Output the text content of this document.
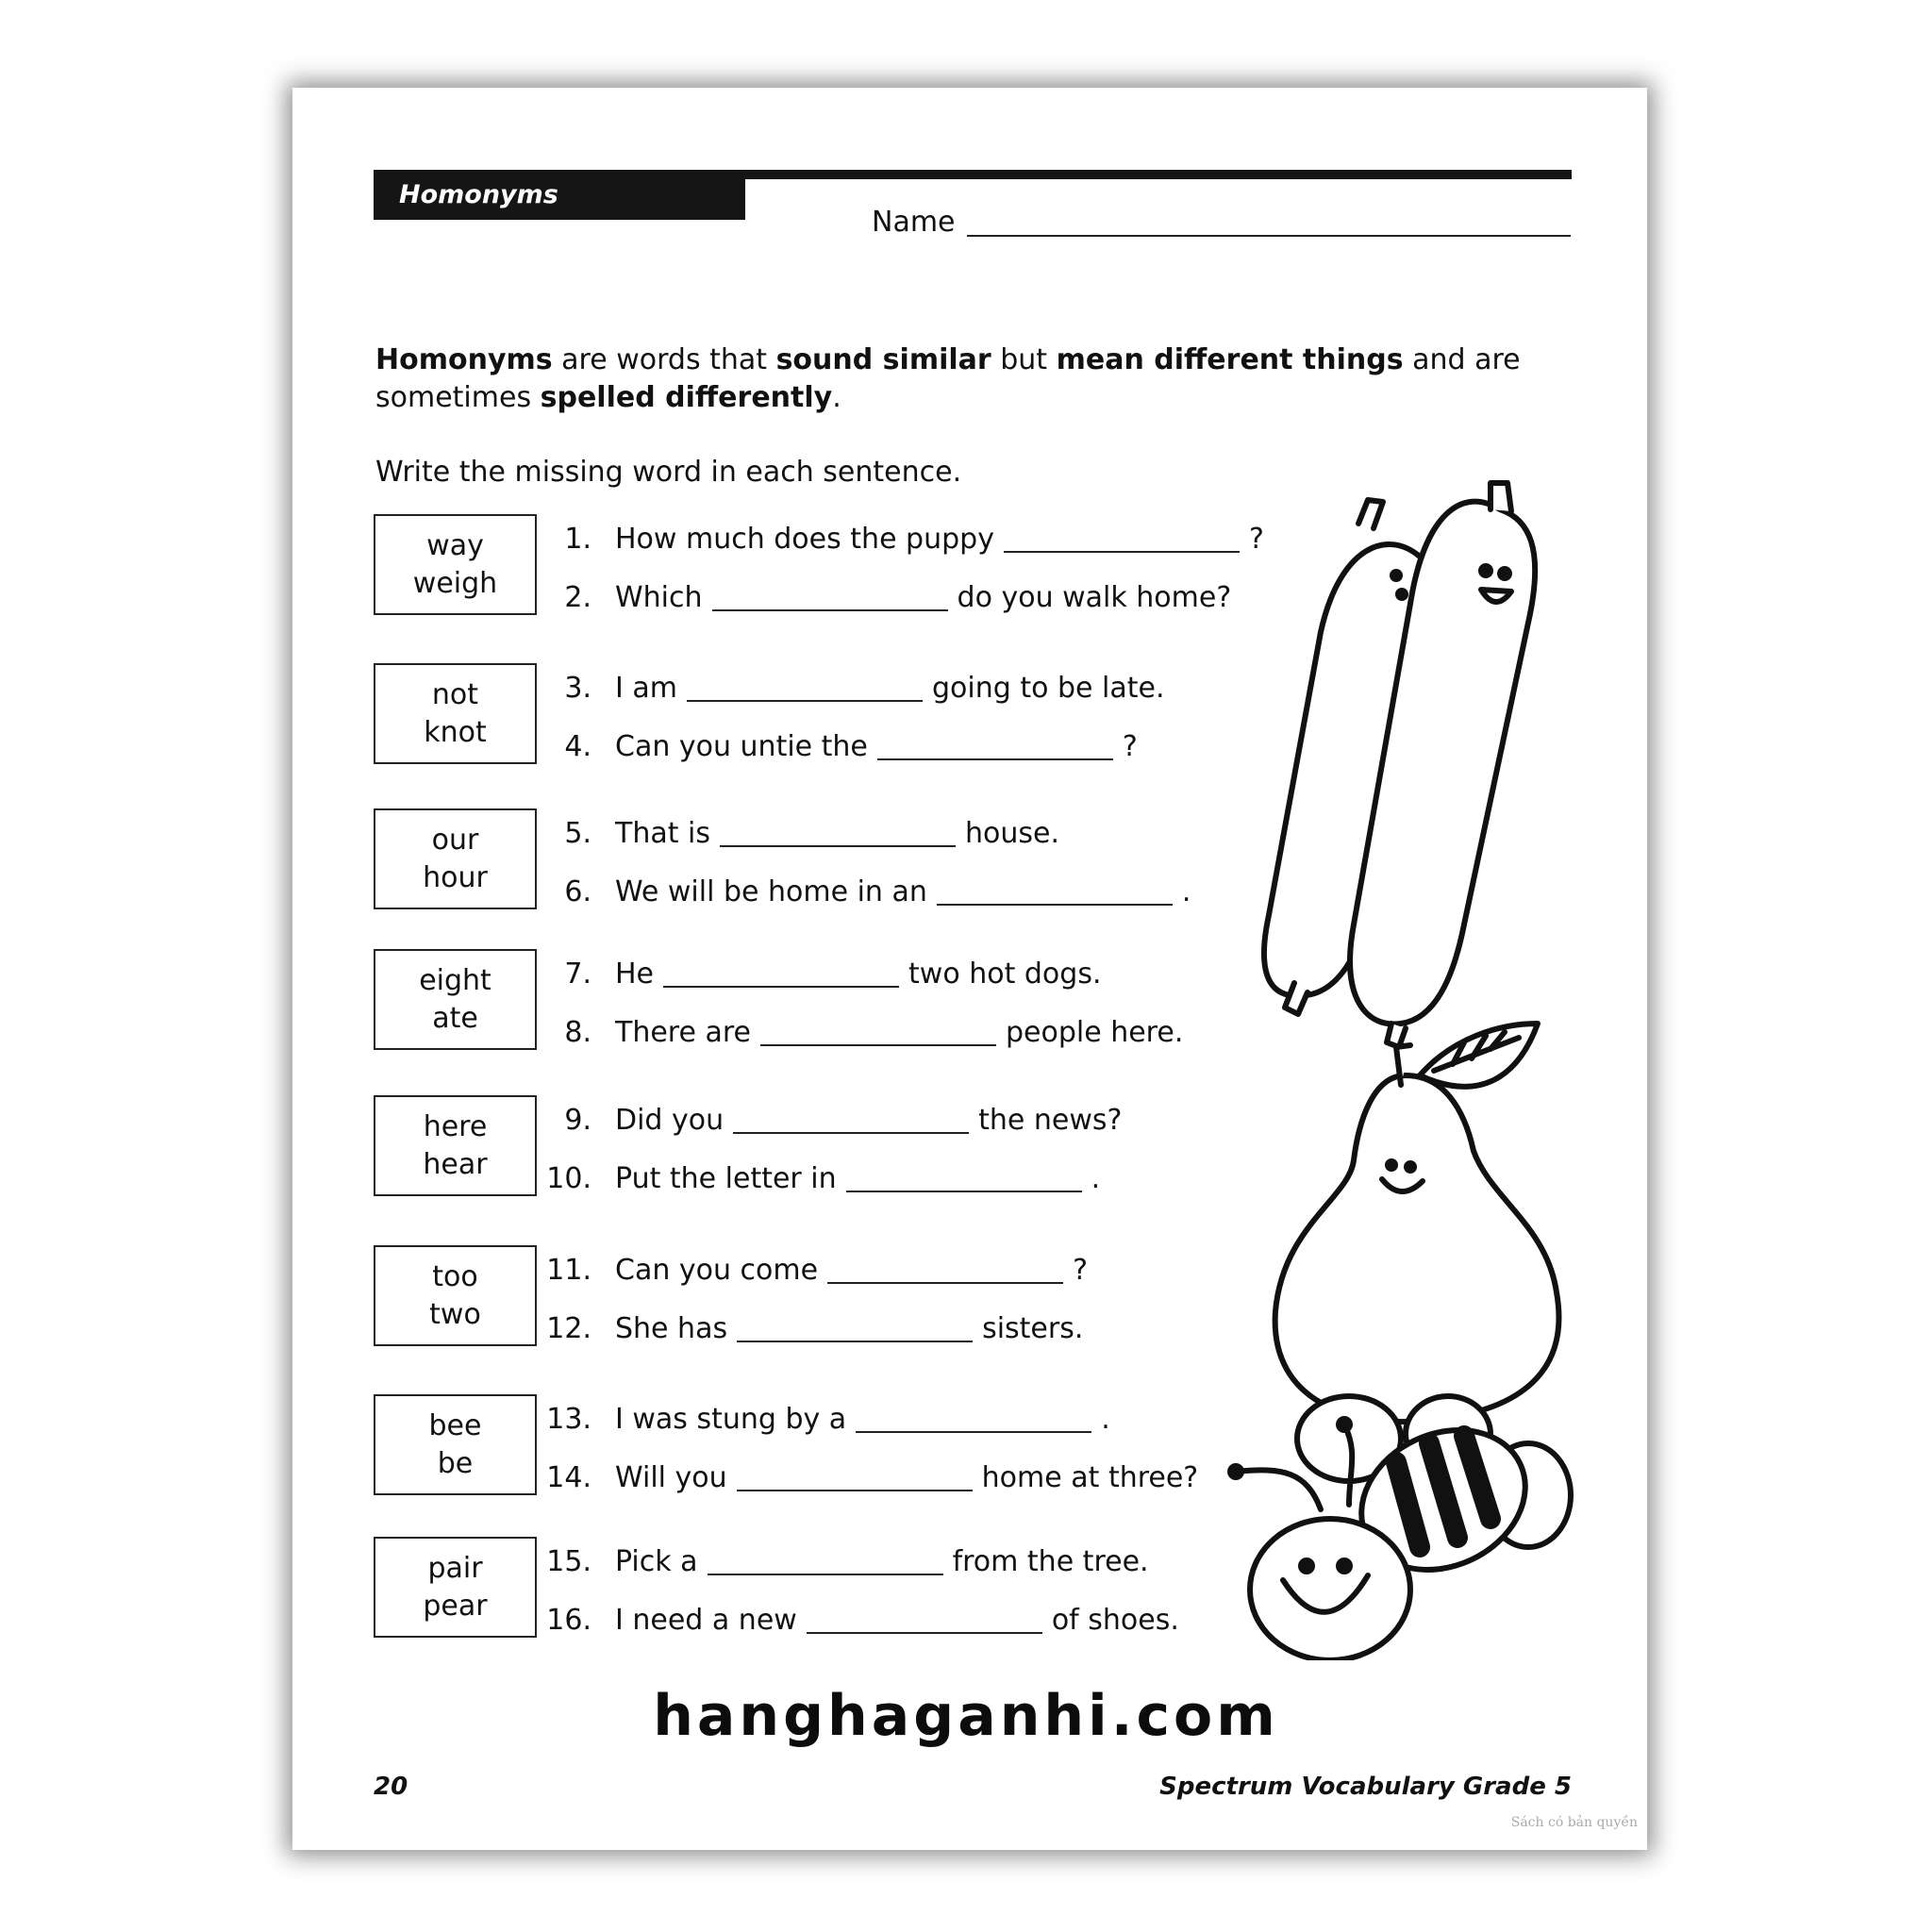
Homonyms
Name
Homonyms are words that sound similar but mean different things and are sometimes spelled differently.
Write the missing word in each sentence.
way
weigh
1. How much does the puppy	?
2. Which	do you walk home?
not
knot
3. I am	going to be late.
4. Can you untie the	?
our
hour
5. That is	house.
6. We will be home in an	.
eight
ate
7. He	two hot dogs.
8. There are	people here.
here
hear
9. Did you	the news?
10. Put the letter in	.
too
two
11. Can you come	?
12. She has	sisters.
bee
be
13. I was stung by a	.
14. Will you	home at three?
pair
pear
15. Pick a	from the tree.
16. I need a new	of shoes.
hanghaganhi.com
20	Spectrum Vocabulary Grade 5
Sách có bản quyền
